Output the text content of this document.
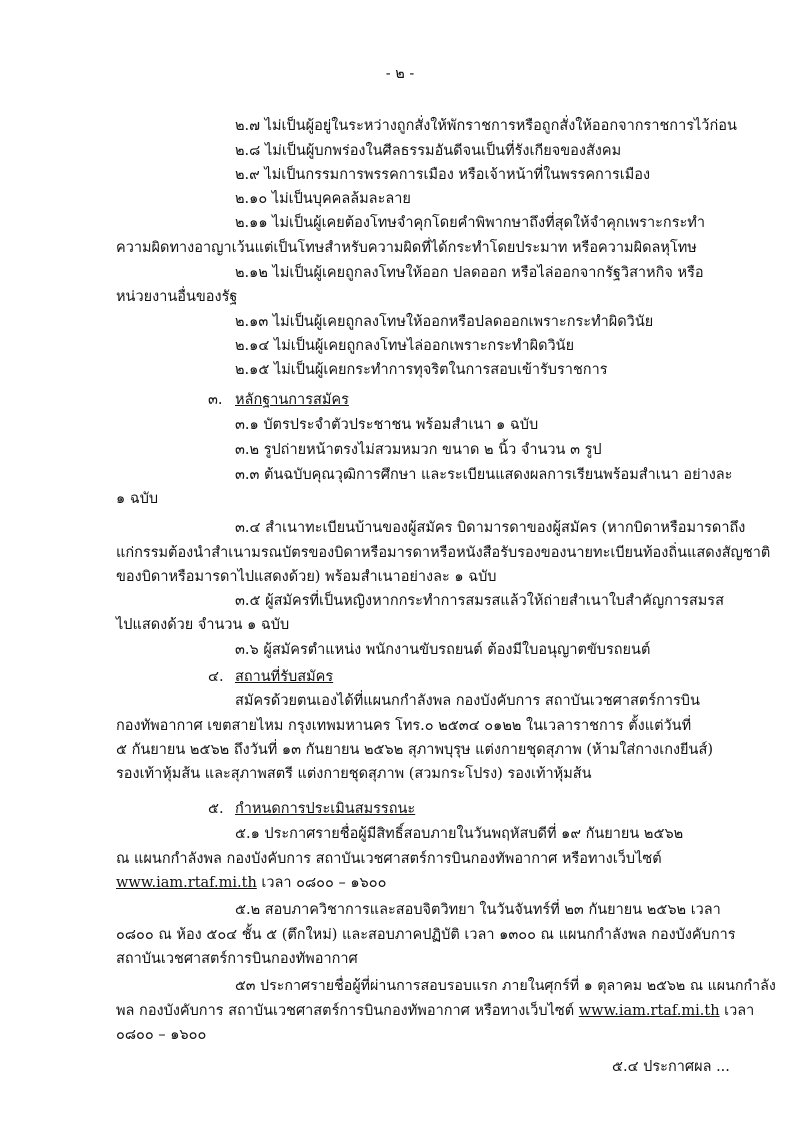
- ๒ -
๒.๗ ไม่เป็นผู้อยู่ในระหว่างถูกสั่งให้พักราชการหรือถูกสั่งให้ออกจากราชการไว้ก่อน
๒.๘ ไม่เป็นผู้บกพร่องในศีลธรรมอันดีจนเป็นที่รังเกียจของสังคม
๒.๙ ไม่เป็นกรรมการพรรคการเมือง หรือเจ้าหน้าที่ในพรรคการเมือง
๒.๑๐ ไม่เป็นบุคคลล้มละลาย
๒.๑๑ ไม่เป็นผู้เคยต้องโทษจำคุกโดยคำพิพากษาถึงที่สุดให้จำคุกเพราะกระทำ
ความผิดทางอาญาเว้นแต่เป็นโทษสำหรับความผิดที่ได้กระทำโดยประมาท หรือความผิดลหุโทษ
๒.๑๒ ไม่เป็นผู้เคยถูกลงโทษให้ออก ปลดออก หรือไล่ออกจากรัฐวิสาหกิจ หรือ
หน่วยงานอื่นของรัฐ
๒.๑๓ ไม่เป็นผู้เคยถูกลงโทษให้ออกหรือปลดออกเพราะกระทำผิดวินัย
๒.๑๔ ไม่เป็นผู้เคยถูกลงโทษไล่ออกเพราะกระทำผิดวินัย
๒.๑๕ ไม่เป็นผู้เคยกระทำการทุจริตในการสอบเข้ารับราชการ
๓. หลักฐานการสมัคร
๓.๑ บัตรประจำตัวประชาชน พร้อมสำเนา ๑ ฉบับ
๓.๒ รูปถ่ายหน้าตรงไม่สวมหมวก ขนาด ๒ นิ้ว จำนวน ๓ รูป
๓.๓ ต้นฉบับคุณวุฒิการศึกษา และระเบียนแสดงผลการเรียนพร้อมสำเนา อย่างละ
๑ ฉบับ
๓.๔ สำเนาทะเบียนบ้านของผู้สมัคร บิดามารดาของผู้สมัคร (หากบิดาหรือมารดาถึง
แก่กรรมต้องนำสำเนามรณบัตรของบิดาหรือมารดาหรือหนังสือรับรองของนายทะเบียนท้องถิ่นแสดงสัญชาติ
ของบิดาหรือมารดาไปแสดงด้วย) พร้อมสำเนาอย่างละ ๑ ฉบับ
๓.๕ ผู้สมัครที่เป็นหญิงหากกระทำการสมรสแล้วให้ถ่ายสำเนาใบสำคัญการสมรส
ไปแสดงด้วย จำนวน ๑ ฉบับ
๓.๖ ผู้สมัครตำแหน่ง พนักงานขับรถยนต์ ต้องมีใบอนุญาตขับรถยนต์
๔. สถานที่รับสมัคร
สมัครด้วยตนเองได้ที่แผนกกำลังพล กองบังคับการ สถาบันเวชศาสตร์การบิน
กองทัพอากาศ เขตสายไหม กรุงเทพมหานคร โทร.๐ ๒๕๓๔ ๐๑๒๒ ในเวลาราชการ ตั้งแต่วันที่
๕ กันยายน ๒๕๖๒ ถึงวันที่ ๑๓ กันยายน ๒๕๖๒ สุภาพบุรุษ แต่งกายชุดสุภาพ (ห้ามใส่กางเกงยีนส์)
รองเท้าหุ้มส้น และสุภาพสตรี แต่งกายชุดสุภาพ (สวมกระโปรง) รองเท้าหุ้มส้น
๕. กำหนดการประเมินสมรรถนะ
๕.๑ ประกาศรายชื่อผู้มีสิทธิ์สอบภายในวันพฤหัสบดีที่ ๑๙ กันยายน ๒๕๖๒
ณ แผนกกำลังพล กองบังคับการ สถาบันเวชศาสตร์การบินกองทัพอากาศ หรือทางเว็บไซต์
www.iam.rtaf.mi.th เวลา ๐๘๐๐ – ๑๖๐๐
๕.๒ สอบภาควิชาการและสอบจิตวิทยา ในวันจันทร์ที่ ๒๓ กันยายน ๒๕๖๒ เวลา
๐๘๐๐ ณ ห้อง ๕๐๔ ชั้น ๕ (ตึกใหม่) และสอบภาคปฏิบัติ เวลา ๑๓๐๐ ณ แผนกกำลังพล กองบังคับการ
สถาบันเวชศาสตร์การบินกองทัพอากาศ
๕๓ ประกาศรายชื่อผู้ที่ผ่านการสอบรอบแรก ภายในศุกร์ที่ ๑ ตุลาคม ๒๕๖๒ ณ แผนกกำลัง
พล กองบังคับการ สถาบันเวชศาสตร์การบินกองทัพอากาศ หรือทางเว็บไซต์ www.iam.rtaf.mi.th เวลา
๐๘๐๐ – ๑๖๐๐
๕.๔ ประกาศผล ...
